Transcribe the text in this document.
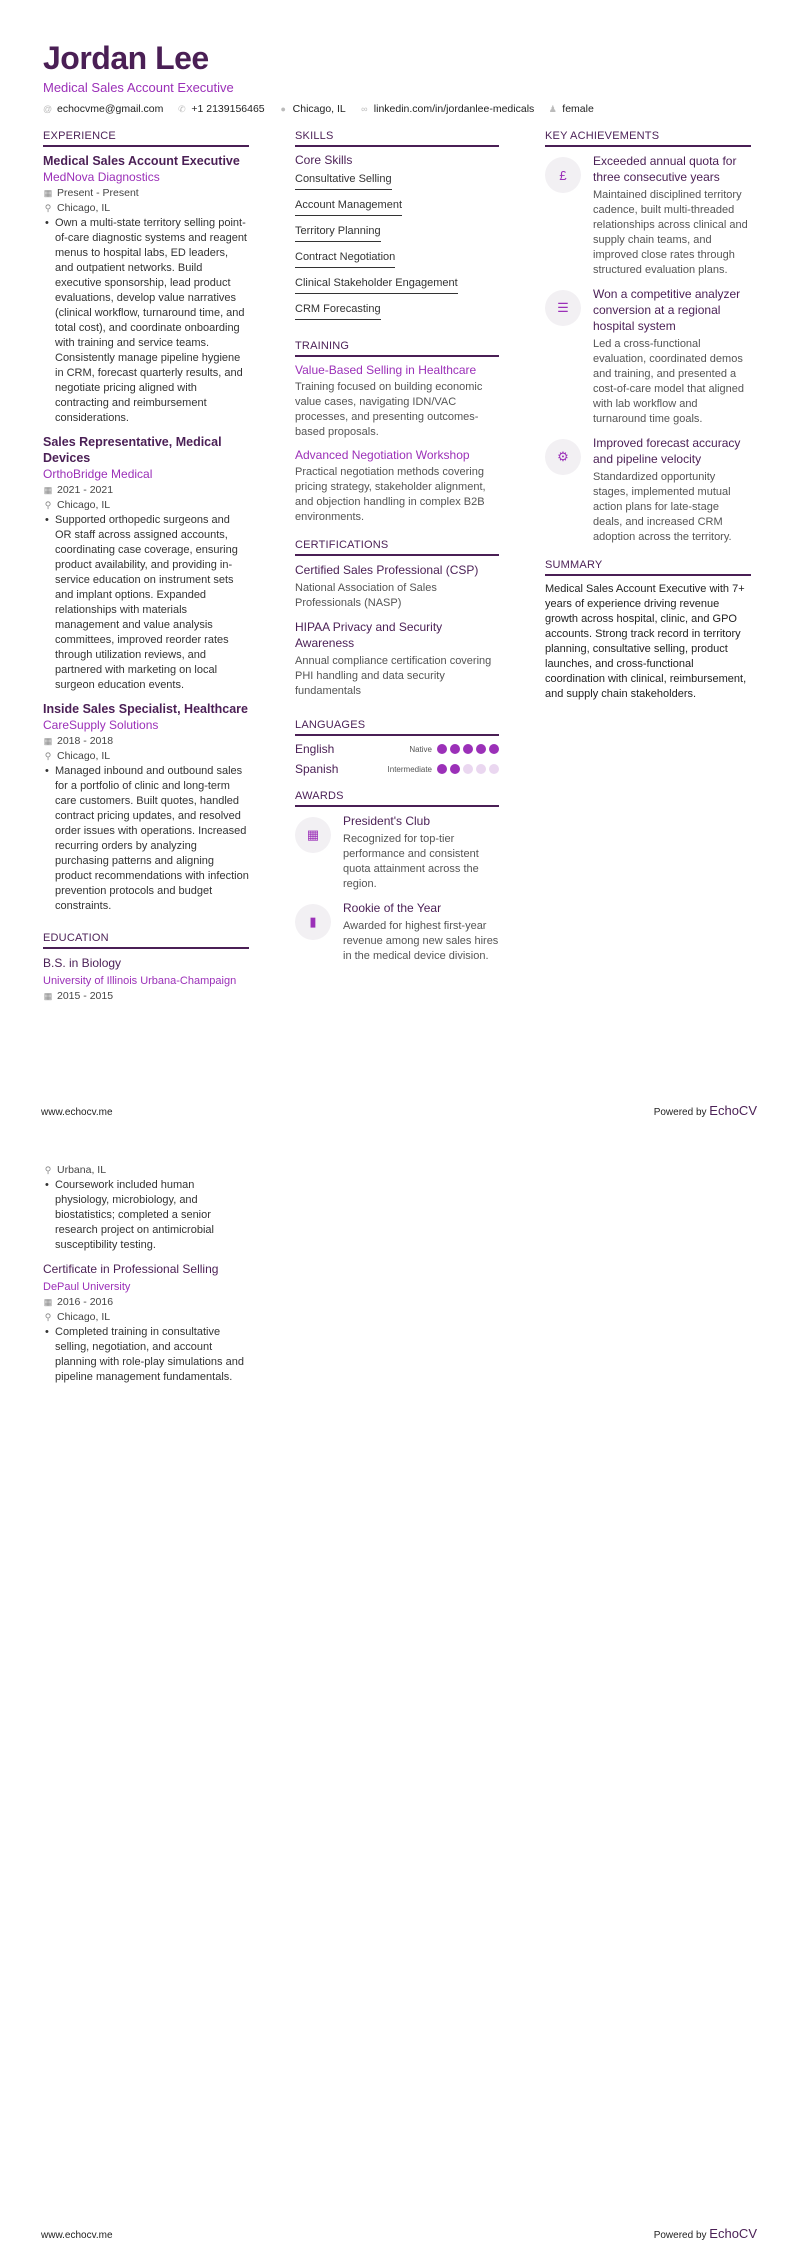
Jordan Lee
Medical Sales Account Executive
@ echocvme@gmail.com ✆ +1 2139156465 ● Chicago, IL ∞ linkedin.com/in/jordanlee-medicals ♟ female
EXPERIENCE
Medical Sales Account Executive
MedNova Diagnostics
▦ Present - Present
⚲ Chicago, IL
• Own a multi-state territory selling point-of-care diagnostic systems and reagent menus to hospital labs, ED leaders, and outpatient networks. Build executive sponsorship, lead product evaluations, develop value narratives (clinical workflow, turnaround time, and total cost), and coordinate onboarding with training and service teams. Consistently manage pipeline hygiene in CRM, forecast quarterly results, and negotiate pricing aligned with contracting and reimbursement considerations.
Sales Representative, Medical Devices
OrthoBridge Medical
▦ 2021 - 2021
⚲ Chicago, IL
• Supported orthopedic surgeons and OR staff across assigned accounts, coordinating case coverage, ensuring product availability, and providing in-service education on instrument sets and implant options. Expanded relationships with materials management and value analysis committees, improved reorder rates through utilization reviews, and partnered with marketing on local surgeon education events.
Inside Sales Specialist, Healthcare
CareSupply Solutions
▦ 2018 - 2018
⚲ Chicago, IL
• Managed inbound and outbound sales for a portfolio of clinic and long-term care customers. Built quotes, handled contract pricing updates, and resolved order issues with operations. Increased recurring orders by analyzing purchasing patterns and aligning product recommendations with infection prevention protocols and budget constraints.
EDUCATION
B.S. in Biology
University of Illinois Urbana-Champaign
▦ 2015 - 2015
SKILLS
Core Skills
Consultative Selling
Account Management
Territory Planning
Contract Negotiation
Clinical Stakeholder Engagement
CRM Forecasting
TRAINING
Value-Based Selling in Healthcare
Training focused on building economic value cases, navigating IDN/VAC processes, and presenting outcomes-based proposals.
Advanced Negotiation Workshop
Practical negotiation methods covering pricing strategy, stakeholder alignment, and objection handling in complex B2B environments.
CERTIFICATIONS
Certified Sales Professional (CSP)
National Association of Sales Professionals (NASP)
HIPAA Privacy and Security Awareness
Annual compliance certification covering PHI handling and data security fundamentals
LANGUAGES
English	Native
Spanish	Intermediate
AWARDS
▦
President's Club
Recognized for top-tier performance and consistent quota attainment across the region.
▮
Rookie of the Year
Awarded for highest first-year revenue among new sales hires in the medical device division.
KEY ACHIEVEMENTS
£
Exceeded annual quota for three consecutive years
Maintained disciplined territory cadence, built multi-threaded relationships across clinical and supply chain teams, and improved close rates through structured evaluation plans.
☰
Won a competitive analyzer conversion at a regional hospital system
Led a cross-functional evaluation, coordinated demos and training, and presented a cost-of-care model that aligned with lab workflow and turnaround time goals.
⚙
Improved forecast accuracy and pipeline velocity
Standardized opportunity stages, implemented mutual action plans for late-stage deals, and increased CRM adoption across the territory.
SUMMARY
Medical Sales Account Executive with 7+ years of experience driving revenue growth across hospital, clinic, and GPO accounts. Strong track record in territory planning, consultative selling, product launches, and cross-functional coordination with clinical, reimbursement, and supply chain stakeholders.
www.echocv.me	Powered by EchoCV
⚲ Urbana, IL
• Coursework included human physiology, microbiology, and biostatistics; completed a senior research project on antimicrobial susceptibility testing.
Certificate in Professional Selling
DePaul University
▦ 2016 - 2016
⚲ Chicago, IL
• Completed training in consultative selling, negotiation, and account planning with role-play simulations and pipeline management fundamentals.
www.echocv.me	Powered by EchoCV
